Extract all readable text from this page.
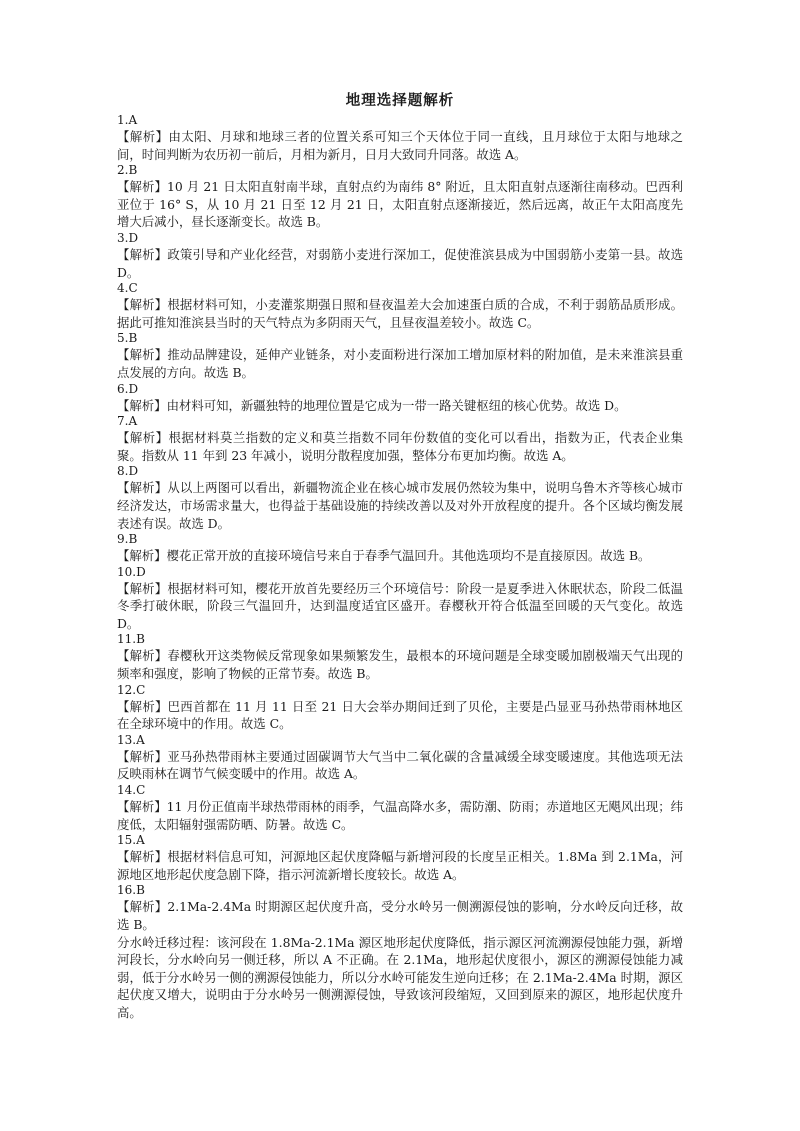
地理选择题解析

1.A

【解析】由太阳、月球和地球三者的位置关系可知三个天体位于同一直线，且月球位于太阳与地球之间，时间判断为农历初一前后，月相为新月，日月大致同升同落。故选 A。

2.B

【解析】10 月 21 日太阳直射南半球，直射点约为南纬 8° 附近，且太阳直射点逐渐往南移动。巴西利亚位于 16° S，从 10 月 21 日至 12 月 21 日，太阳直射点逐渐接近，然后远离，故正午太阳高度先增大后减小，昼长逐渐变长。故选 B。

3.D

【解析】政策引导和产业化经营，对弱筋小麦进行深加工，促使淮滨县成为中国弱筋小麦第一县。故选 D。

4.C

【解析】根据材料可知，小麦灌浆期强日照和昼夜温差大会加速蛋白质的合成，不利于弱筋品质形成。据此可推知淮滨县当时的天气特点为多阴雨天气，且昼夜温差较小。故选 C。

5.B

【解析】推动品牌建设，延伸产业链条，对小麦面粉进行深加工增加原材料的附加值，是未来淮滨县重点发展的方向。故选 B。

6.D

【解析】由材料可知，新疆独特的地理位置是它成为一带一路关键枢纽的核心优势。故选 D。

7.A

【解析】根据材料莫兰指数的定义和莫兰指数不同年份数值的变化可以看出，指数为正，代表企业集聚。指数从 11 年到 23 年减小，说明分散程度加强，整体分布更加均衡。故选 A。

8.D

【解析】从以上两图可以看出，新疆物流企业在核心城市发展仍然较为集中，说明乌鲁木齐等核心城市经济发达，市场需求量大，也得益于基础设施的持续改善以及对外开放程度的提升。各个区域均衡发展表述有误。故选 D。

9.B

【解析】樱花正常开放的直接环境信号来自于春季气温回升。其他选项均不是直接原因。故选 B。

10.D

【解析】根据材料可知，樱花开放首先要经历三个环境信号：阶段一是夏季进入休眠状态，阶段二低温冬季打破休眠，阶段三气温回升，达到温度适宜区盛开。春樱秋开符合低温至回暖的天气变化。故选 D。

11.B

【解析】春樱秋开这类物候反常现象如果频繁发生，最根本的环境问题是全球变暖加剧极端天气出现的频率和强度，影响了物候的正常节奏。故选 B。

12.C

【解析】巴西首都在 11 月 11 日至 21 日大会举办期间迁到了贝伦，主要是凸显亚马孙热带雨林地区在全球环境中的作用。故选 C。

13.A

【解析】亚马孙热带雨林主要通过固碳调节大气当中二氧化碳的含量减缓全球变暖速度。其他选项无法反映雨林在调节气候变暖中的作用。故选 A。

14.C

【解析】11 月份正值南半球热带雨林的雨季，气温高降水多，需防潮、防雨；赤道地区无飓风出现；纬度低，太阳辐射强需防晒、防暑。故选 C。

15.A

【解析】根据材料信息可知，河源地区起伏度降幅与新增河段的长度呈正相关。1.8Ma 到 2.1Ma，河源地区地形起伏度急剧下降，指示河流新增长度较长。故选 A。

16.B

【解析】2.1Ma-2.4Ma 时期源区起伏度升高，受分水岭另一侧溯源侵蚀的影响，分水岭反向迁移，故选 B。

分水岭迁移过程：该河段在 1.8Ma-2.1Ma 源区地形起伏度降低，指示源区河流溯源侵蚀能力强，新增河段长，分水岭向另一侧迁移，所以 A 不正确。在 2.1Ma，地形起伏度很小，源区的溯源侵蚀能力减弱，低于分水岭另一侧的溯源侵蚀能力，所以分水岭可能发生逆向迁移；在 2.1Ma-2.4Ma 时期，源区起伏度又增大，说明由于分水岭另一侧溯源侵蚀，导致该河段缩短，又回到原来的源区，地形起伏度升高。
